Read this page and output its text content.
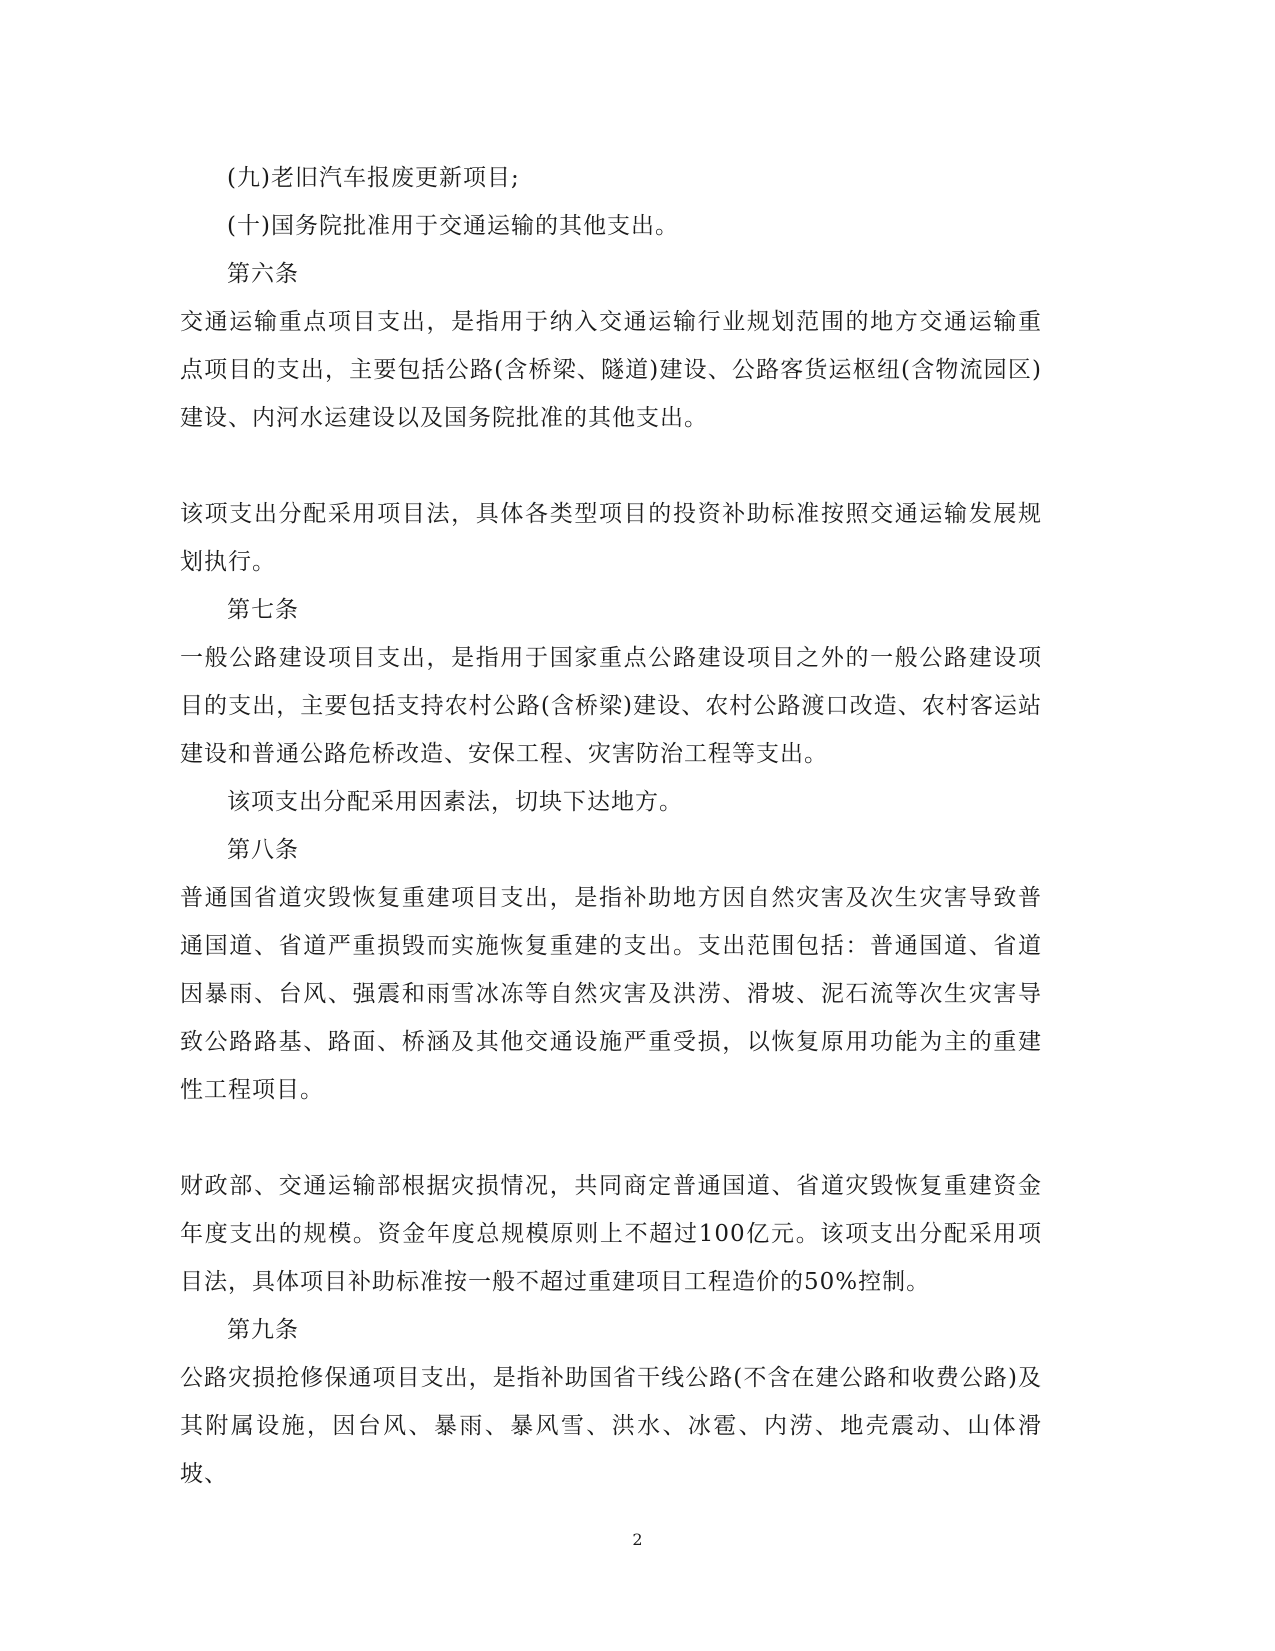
(九)老旧汽车报废更新项目;
(十)国务院批准用于交通运输的其他支出。
第六条
交通运输重点项目支出，是指用于纳入交通运输行业规划范围的地方交通运输重点项目的支出，主要包括公路(含桥梁、隧道)建设、公路客货运枢纽(含物流园区)建设、内河水运建设以及国务院批准的其他支出。
该项支出分配采用项目法，具体各类型项目的投资补助标准按照交通运输发展规划执行。
第七条
一般公路建设项目支出，是指用于国家重点公路建设项目之外的一般公路建设项目的支出，主要包括支持农村公路(含桥梁)建设、农村公路渡口改造、农村客运站建设和普通公路危桥改造、安保工程、灾害防治工程等支出。
该项支出分配采用因素法，切块下达地方。
第八条
普通国省道灾毁恢复重建项目支出，是指补助地方因自然灾害及次生灾害导致普通国道、省道严重损毁而实施恢复重建的支出。支出范围包括：普通国道、省道因暴雨、台风、强震和雨雪冰冻等自然灾害及洪涝、滑坡、泥石流等次生灾害导致公路路基、路面、桥涵及其他交通设施严重受损，以恢复原用功能为主的重建性工程项目。
财政部、交通运输部根据灾损情况，共同商定普通国道、省道灾毁恢复重建资金年度支出的规模。资金年度总规模原则上不超过100亿元。该项支出分配采用项目法，具体项目补助标准按一般不超过重建项目工程造价的50%控制。
第九条
公路灾损抢修保通项目支出，是指补助国省干线公路(不含在建公路和收费公路)及其附属设施，因台风、暴雨、暴风雪、洪水、冰雹、内涝、地壳震动、山体滑坡、
2
